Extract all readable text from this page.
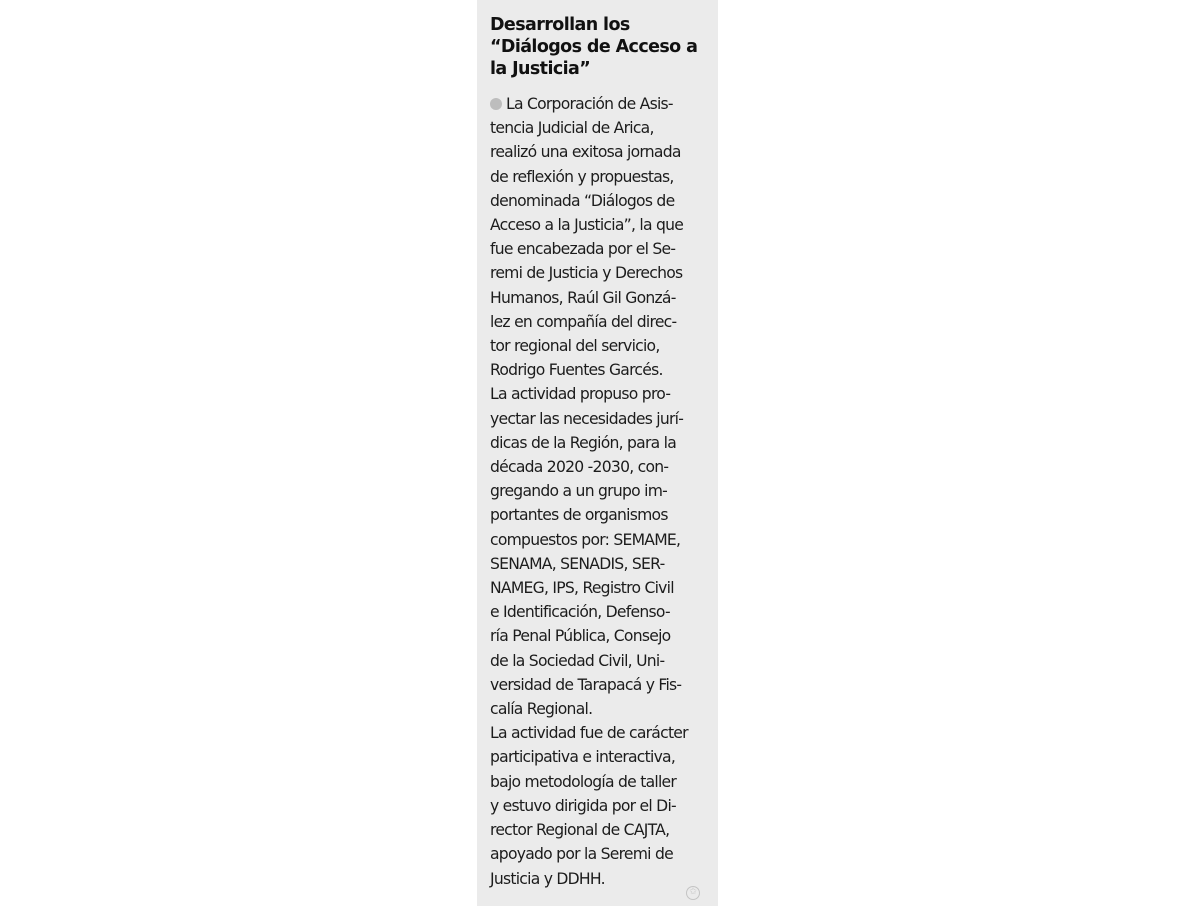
Desarrollan los
“Diálogos de Acceso a
la Justicia”
La Corporación de Asis-
tencia Judicial de Arica,
realizó una exitosa jornada
de reflexión y propuestas,
denominada “Diálogos de
Acceso a la Justicia”, la que
fue encabezada por el Se-
remi de Justicia y Derechos
Humanos, Raúl Gil Gonzá-
lez en compañía del direc-
tor regional del servicio,
Rodrigo Fuentes Garcés.
La actividad propuso pro-
yectar las necesidades jurí-
dicas de la Región, para la
década 2020 -2030, con-
gregando a un grupo im-
portantes de organismos
compuestos por: SEMAME,
SENAMA, SENADIS, SER-
NAMEG, IPS, Registro Civil
e Identificación, Defenso-
ría Penal Pública, Consejo
de la Sociedad Civil, Uni-
versidad de Tarapacá y Fis-
calía Regional.
La actividad fue de carácter
participativa e interactiva,
bajo metodología de taller
y estuvo dirigida por el Di-
rector Regional de CAJTA,
apoyado por la Seremi de
Justicia y DDHH.
✩
